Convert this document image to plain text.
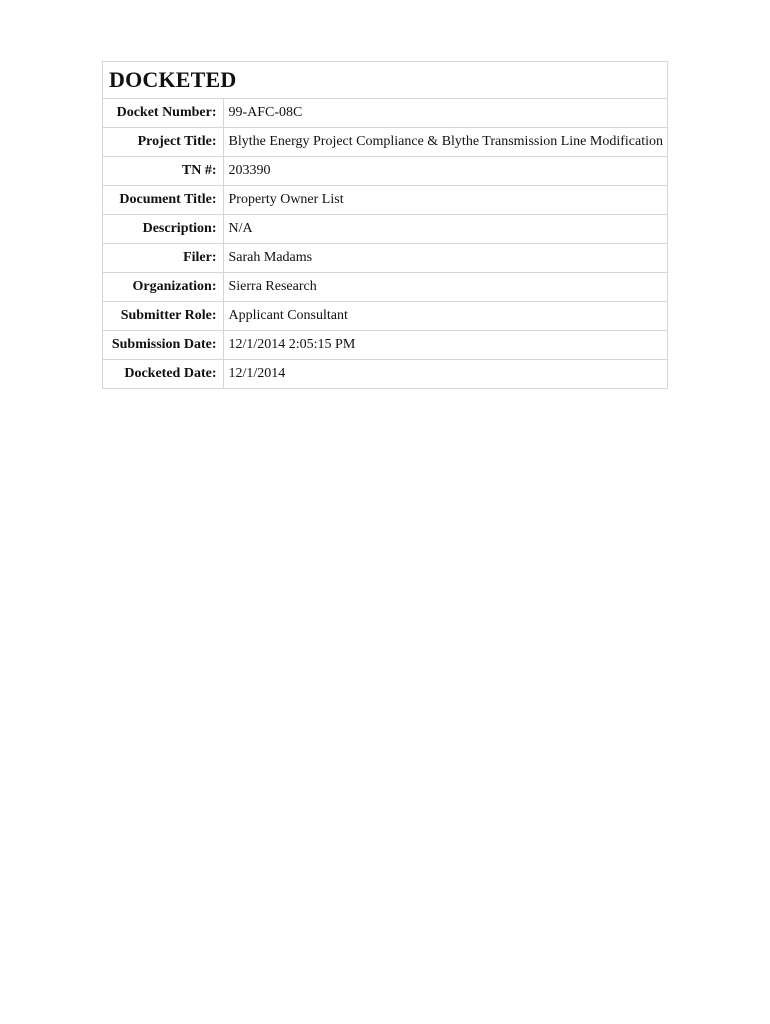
DOCKETED
Docket Number:	99-AFC-08C
Project Title:	Blythe Energy Project Compliance & Blythe Transmission Line Modification
TN #:	203390
Document Title:	Property Owner List
Description:	N/A
Filer:	Sarah Madams
Organization:	Sierra Research
Submitter Role:	Applicant Consultant
Submission Date:	12/1/2014 2:05:15 PM
Docketed Date:	12/1/2014
